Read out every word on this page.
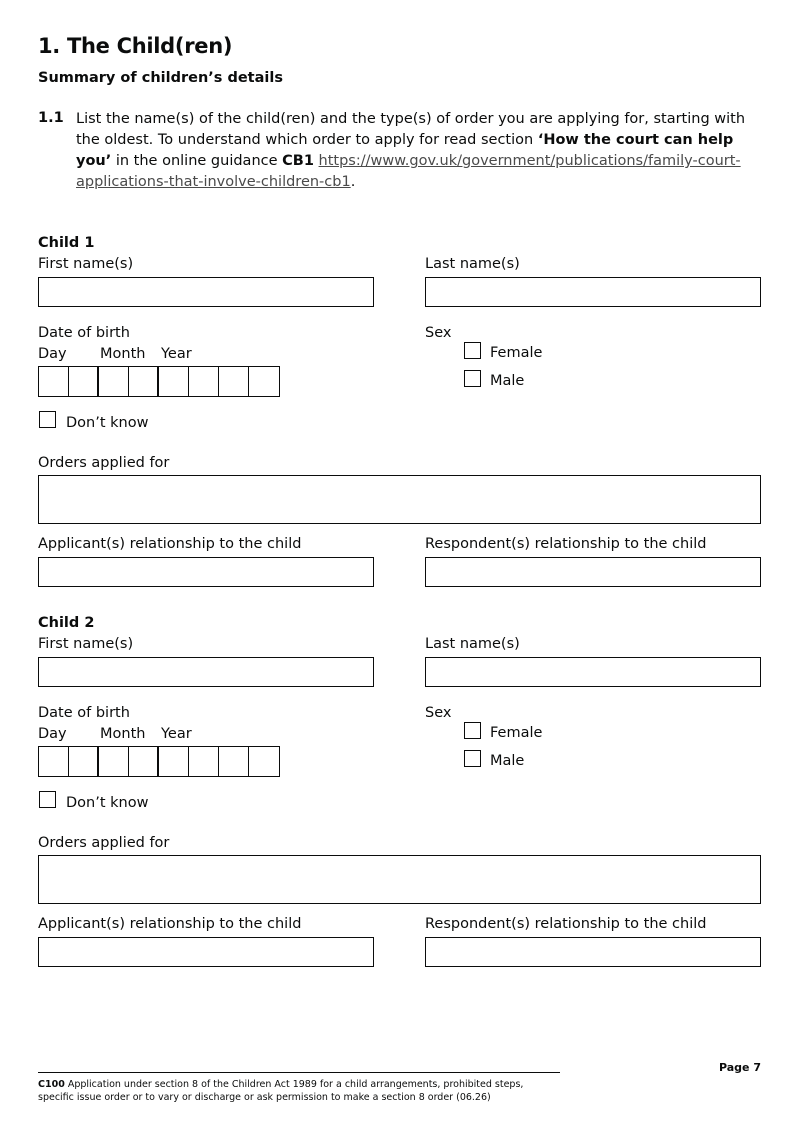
1. The Child(ren)
Summary of children’s details
1.1 List the name(s) of the child(ren) and the type(s) of order you are applying for, starting with the oldest. To understand which order to apply for read section ‘How the court can help you’ in the online guidance CB1 https://www.gov.uk/government/publications/family-court-applications-that-involve-children-cb1.
Child 1
First name(s)	Last name(s)
Date of birth
Day Month Year
Sex
Female
Male
Don’t know
Orders applied for
Applicant(s) relationship to the child	Respondent(s) relationship to the child
Child 2
First name(s)	Last name(s)
Date of birth
Day Month Year
Sex
Female
Male
Don’t know
Orders applied for
Applicant(s) relationship to the child	Respondent(s) relationship to the child
Page 7
C100 Application under section 8 of the Children Act 1989 for a child arrangements, prohibited steps, specific issue order or to vary or discharge or ask permission to make a section 8 order (06.26)
